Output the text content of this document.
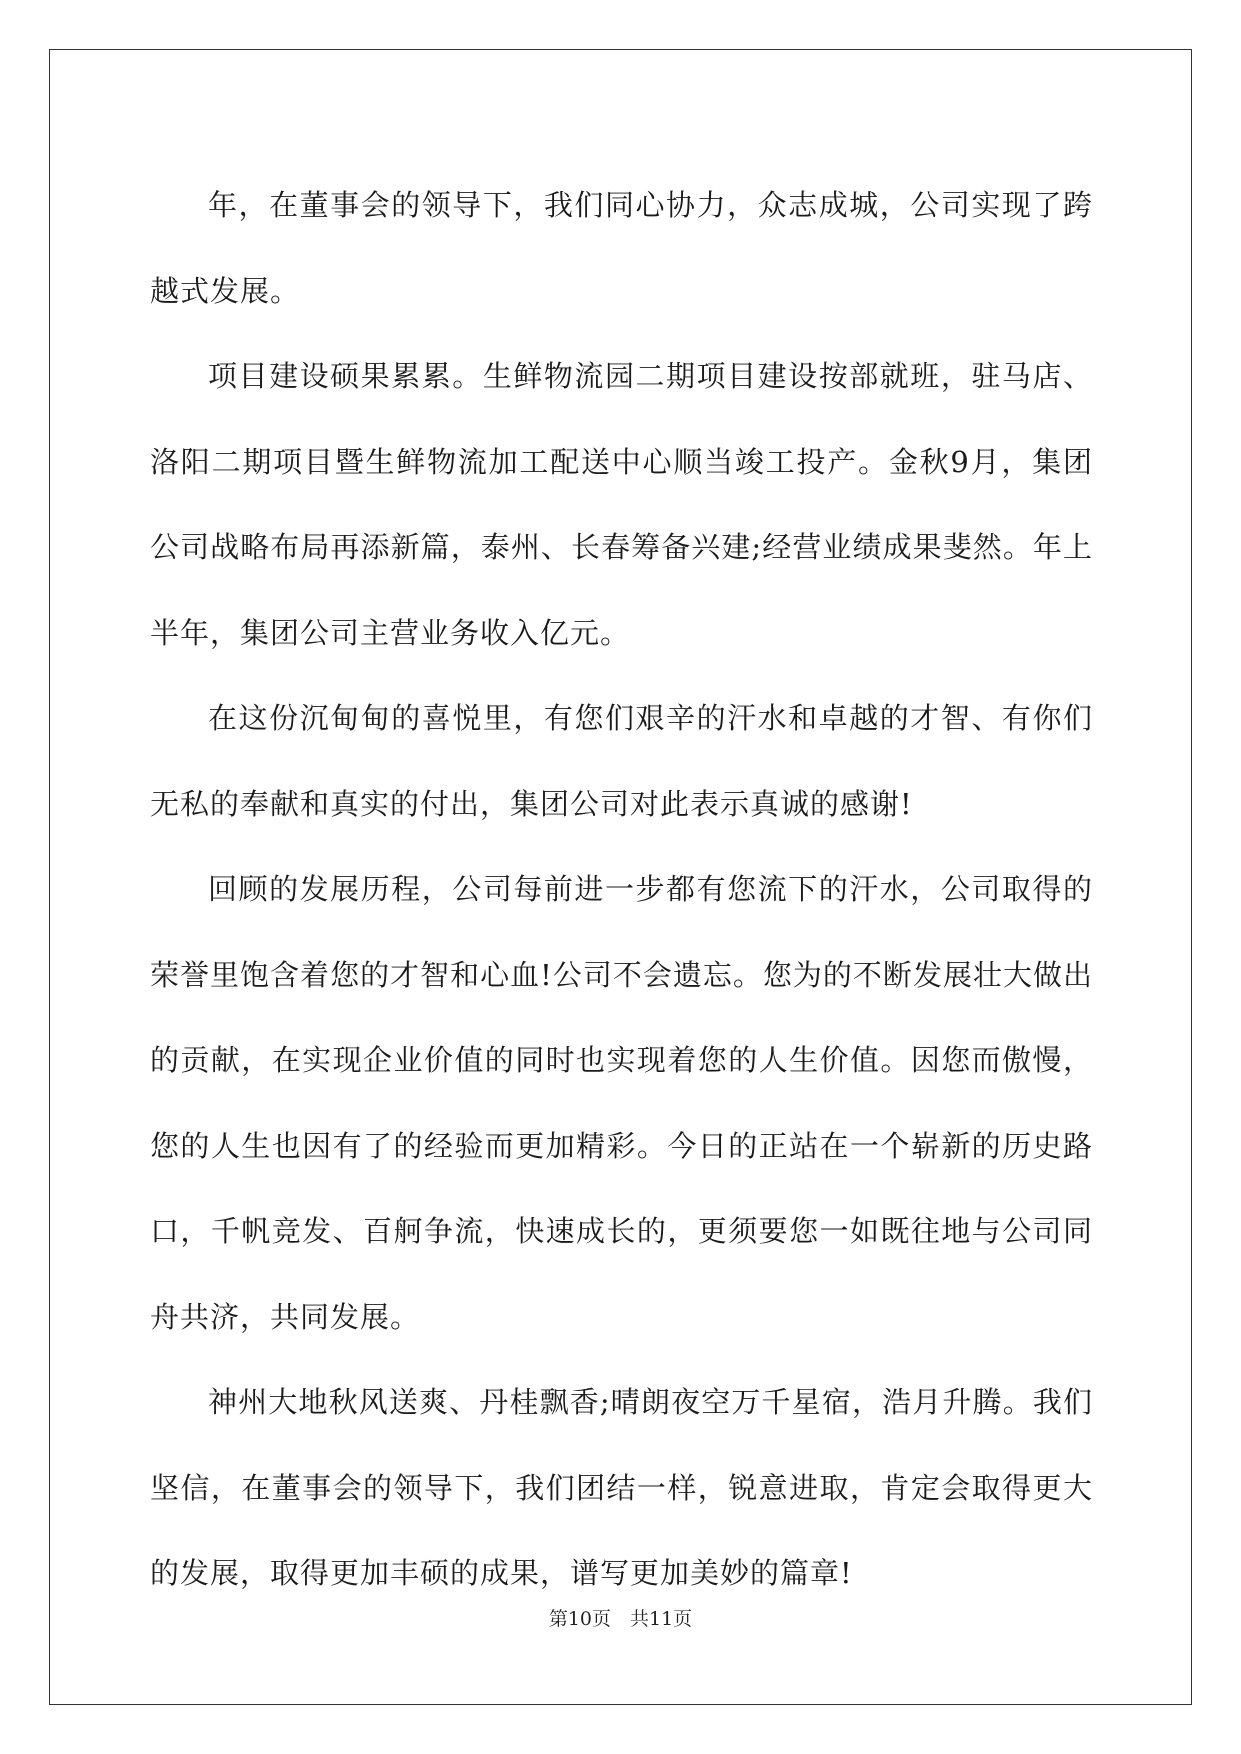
年，在董事会的领导下，我们同心协力，众志成城，公司实现了跨越式发展。

项目建设硕果累累。生鲜物流园二期项目建设按部就班，驻马店、洛阳二期项目暨生鲜物流加工配送中心顺当竣工投产。金秋9月，集团公司战略布局再添新篇，泰州、长春筹备兴建;经营业绩成果斐然。年上半年，集团公司主营业务收入亿元。

在这份沉甸甸的喜悦里，有您们艰辛的汗水和卓越的才智、有你们无私的奉献和真实的付出，集团公司对此表示真诚的感谢!

回顾的发展历程，公司每前进一步都有您流下的汗水，公司取得的荣誉里饱含着您的才智和心血!公司不会遗忘。您为的不断发展壮大做出的贡献，在实现企业价值的同时也实现着您的人生价值。因您而傲慢，您的人生也因有了的经验而更加精彩。今日的正站在一个崭新的历史路口，千帆竞发、百舸争流，快速成长的，更须要您一如既往地与公司同舟共济，共同发展。

神州大地秋风送爽、丹桂飘香;晴朗夜空万千星宿，浩月升腾。我们坚信，在董事会的领导下，我们团结一样，锐意进取，肯定会取得更大的发展，取得更加丰硕的成果，谱写更加美妙的篇章!

第10页　共11页
